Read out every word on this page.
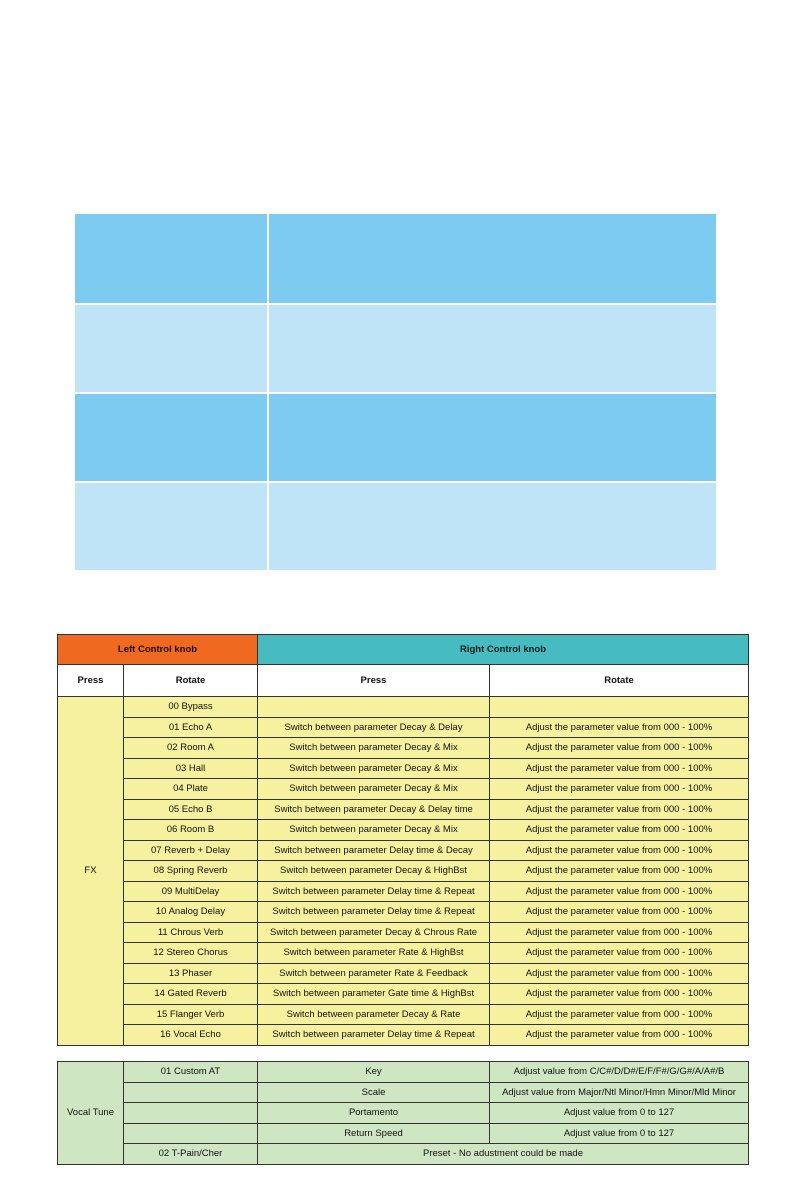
Left Control knob		Right Control knob	
Press	Rotate	Press	Rotate
FX	00 Bypass		
	01 Echo A	Switch between parameter Decay & Delay	Adjust the parameter value from 000 - 100%
	02 Room A	Switch between parameter Decay & Mix	Adjust the parameter value from 000 - 100%
	03 Hall	Switch between parameter Decay & Mix	Adjust the parameter value from 000 - 100%
	04 Plate	Switch between parameter Decay & Mix	Adjust the parameter value from 000 - 100%
	05 Echo B	Switch between parameter Decay & Delay time	Adjust the parameter value from 000 - 100%
	06 Room B	Switch between parameter Decay & Mix	Adjust the parameter value from 000 - 100%
	07 Reverb + Delay	Switch between parameter Delay time & Decay	Adjust the parameter value from 000 - 100%
	08 Spring Reverb	Switch between parameter Decay & HighBst	Adjust the parameter value from 000 - 100%
	09 MultiDelay	Switch between parameter Delay time & Repeat	Adjust the parameter value from 000 - 100%
	10 Analog Delay	Switch between parameter Delay time & Repeat	Adjust the parameter value from 000 - 100%
	11 Chrous Verb	Switch between parameter Decay & Chrous Rate	Adjust the parameter value from 000 - 100%
	12 Stereo Chorus	Switch between parameter Rate & HighBst	Adjust the parameter value from 000 - 100%
	13 Phaser	Switch between parameter Rate & Feedback	Adjust the parameter value from 000 - 100%
	14 Gated Reverb	Switch between parameter Gate time & HighBst	Adjust the parameter value from 000 - 100%
	15 Flanger Verb	Switch between parameter Decay & Rate	Adjust the parameter value from 000 - 100%
	16 Vocal Echo	Switch between parameter Delay time & Repeat	Adjust the parameter value from 000 - 100%
Vocal Tune	01 Custom AT	Key	Adjust value from C/C#/D/D#/E/F/F#/G/G#/A/A#/B
		Scale	Adjust value from Major/Ntl Minor/Hmn Minor/Mld Minor
		Portamento	Adjust value from 0 to 127
		Return Speed	Adjust value from 0 to 127
	02 T-Pain/Cher	Preset - No adustment could be made	
